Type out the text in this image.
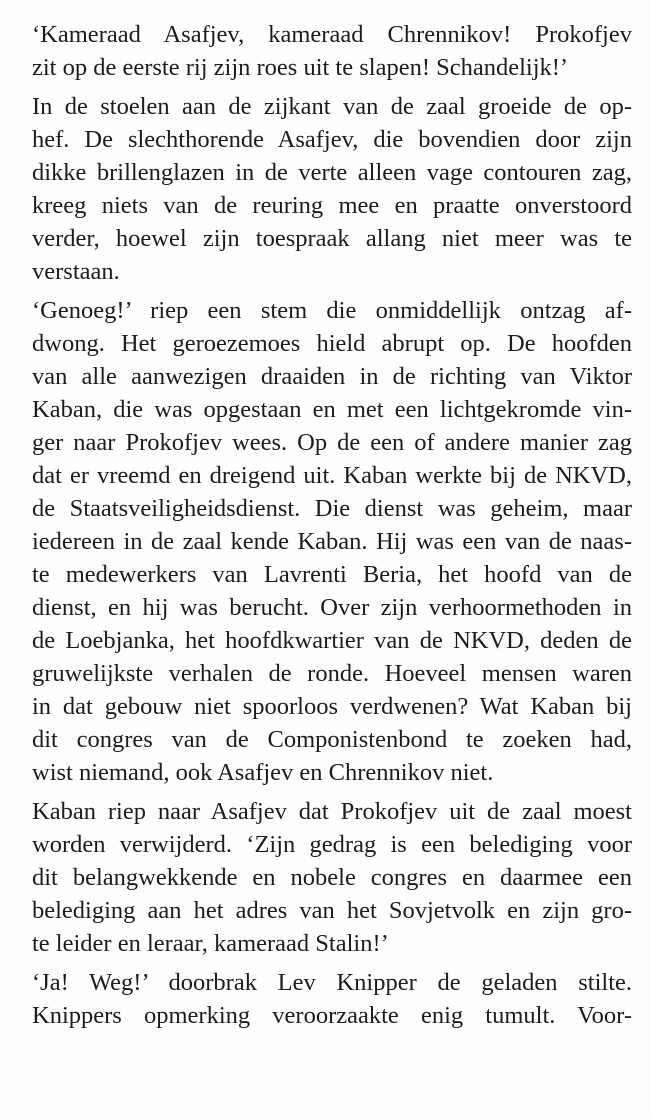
‘Kameraad Asafjev, kameraad Chrennikov! Prokofjev
zit op de eerste rij zijn roes uit te slapen! Schandelijk!’
In de stoelen aan de zijkant van de zaal groeide de op-
hef. De slechthorende Asafjev, die bovendien door zijn
dikke brillenglazen in de verte alleen vage contouren zag,
kreeg niets van de reuring mee en praatte onverstoord
verder, hoewel zijn toespraak allang niet meer was te
verstaan.
‘Genoeg!’ riep een stem die onmiddellijk ontzag af-
dwong. Het geroezemoes hield abrupt op. De hoofden
van alle aanwezigen draaiden in de richting van Viktor
Kaban, die was opgestaan en met een lichtgekromde vin-
ger naar Prokofjev wees. Op de een of andere manier zag
dat er vreemd en dreigend uit. Kaban werkte bij de NKVD,
de Staatsveiligheidsdienst. Die dienst was geheim, maar
iedereen in de zaal kende Kaban. Hij was een van de naas-
te medewerkers van Lavrenti Beria, het hoofd van de
dienst, en hij was berucht. Over zijn verhoormethoden in
de Loebjanka, het hoofdkwartier van de NKVD, deden de
gruwelijkste verhalen de ronde. Hoeveel mensen waren
in dat gebouw niet spoorloos verdwenen? Wat Kaban bij
dit congres van de Componistenbond te zoeken had,
wist niemand, ook Asafjev en Chrennikov niet.
Kaban riep naar Asafjev dat Prokofjev uit de zaal moest
worden verwijderd. ‘Zijn gedrag is een belediging voor
dit belangwekkende en nobele congres en daarmee een
belediging aan het adres van het Sovjetvolk en zijn gro-
te leider en leraar, kameraad Stalin!’
‘Ja! Weg!’ doorbrak Lev Knipper de geladen stilte.
Knippers opmerking veroorzaakte enig tumult. Voor-
